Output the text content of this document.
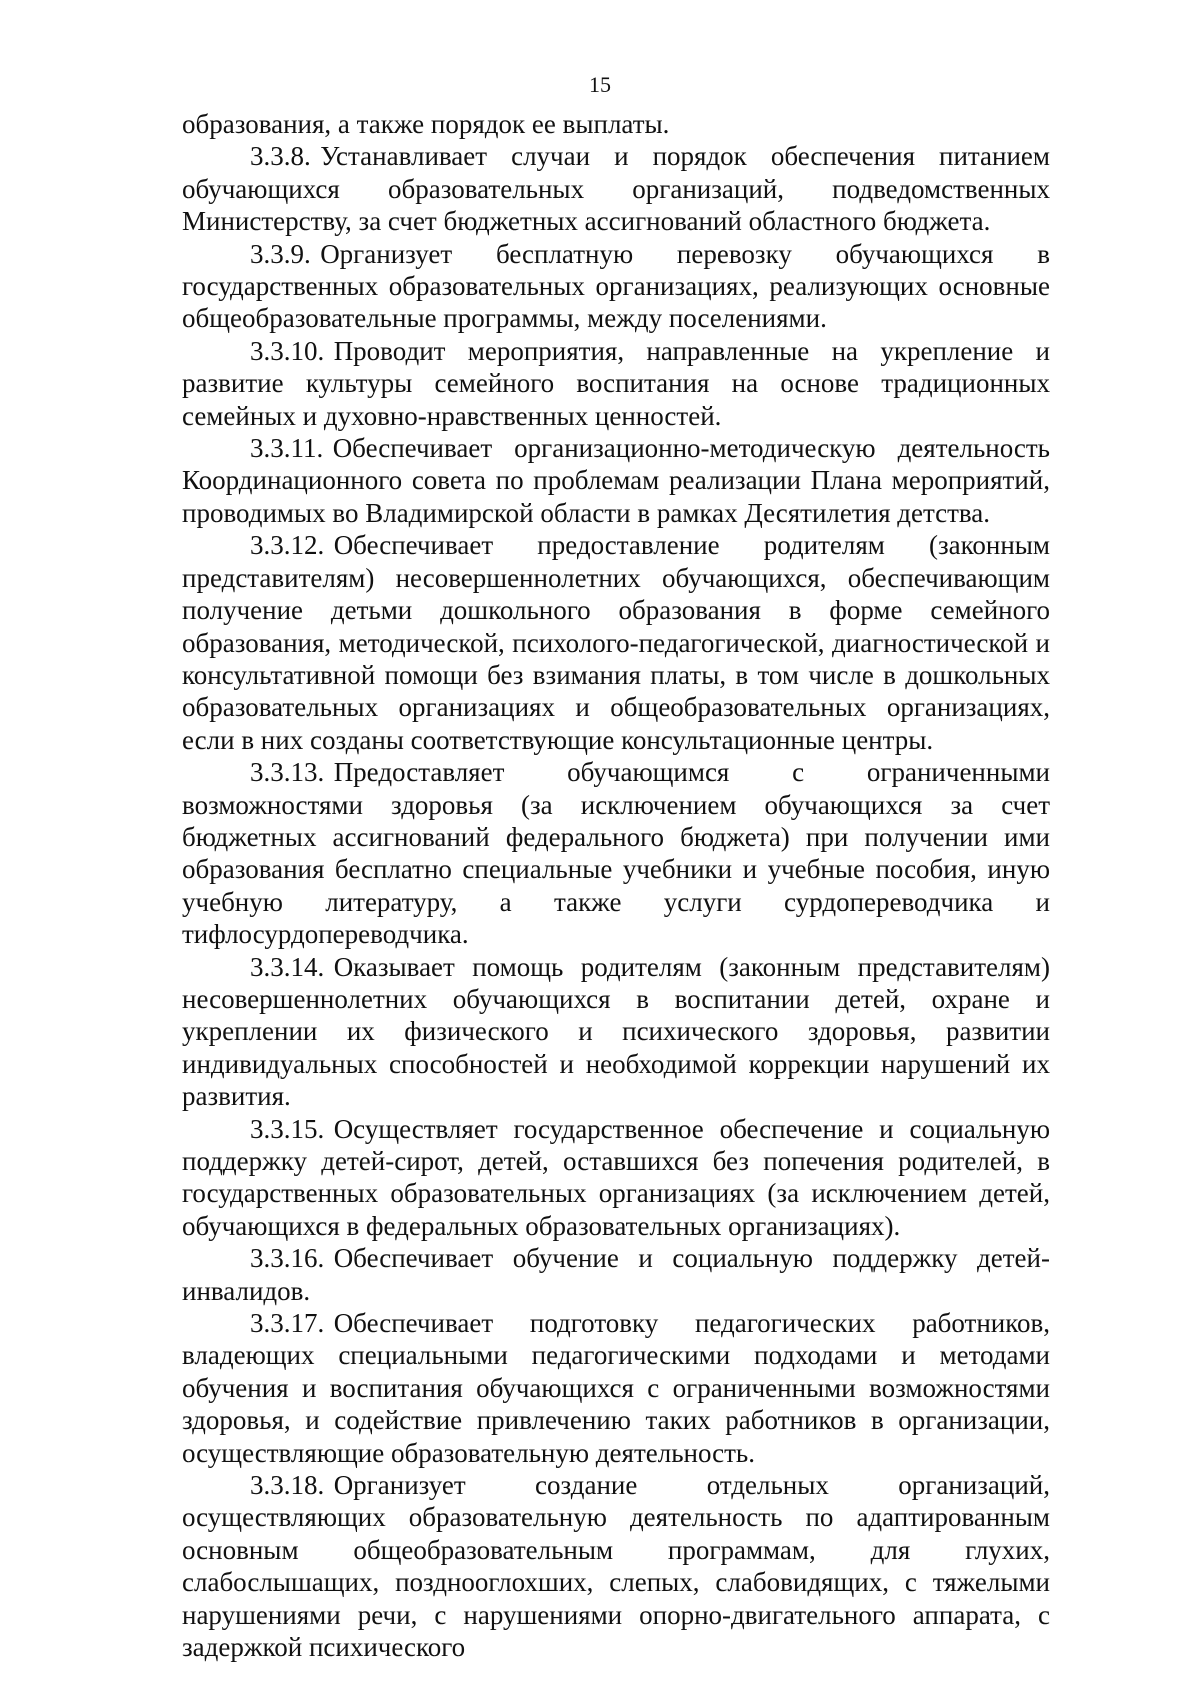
15

образования, а также порядок ее выплаты.

3.3.8. Устанавливает случаи и порядок обеспечения питанием обучающихся образовательных организаций, подведомственных Министерству, за счет бюджетных ассигнований областного бюджета.

3.3.9. Организует бесплатную перевозку обучающихся в государственных образовательных организациях, реализующих основные общеобразовательные программы, между поселениями.

3.3.10. Проводит мероприятия, направленные на укрепление и развитие культуры семейного воспитания на основе традиционных семейных и духовно-нравственных ценностей.

3.3.11. Обеспечивает организационно-методическую деятельность Координационного совета по проблемам реализации Плана мероприятий, проводимых во Владимирской области в рамках Десятилетия детства.

3.3.12. Обеспечивает предоставление родителям (законным представителям) несовершеннолетних обучающихся, обеспечивающим получение детьми дошкольного образования в форме семейного образования, методической, психолого-педагогической, диагностической и консультативной помощи без взимания платы, в том числе в дошкольных образовательных организациях и общеобразовательных организациях, если в них созданы соответствующие консультационные центры.

3.3.13. Предоставляет обучающимся с ограниченными возможностями здоровья (за исключением обучающихся за счет бюджетных ассигнований федерального бюджета) при получении ими образования бесплатно специальные учебники и учебные пособия, иную учебную литературу, а также услуги сурдопереводчика и тифлосурдопереводчика.

3.3.14. Оказывает помощь родителям (законным представителям) несовершеннолетних обучающихся в воспитании детей, охране и укреплении их физического и психического здоровья, развитии индивидуальных способностей и необходимой коррекции нарушений их развития.

3.3.15. Осуществляет государственное обеспечение и социальную поддержку детей-сирот, детей, оставшихся без попечения родителей, в государственных образовательных организациях (за исключением детей, обучающихся в федеральных образовательных организациях).

3.3.16. Обеспечивает обучение и социальную поддержку детей-инвалидов.

3.3.17. Обеспечивает подготовку педагогических работников, владеющих специальными педагогическими подходами и методами обучения и воспитания обучающихся с ограниченными возможностями здоровья, и содействие привлечению таких работников в организации, осуществляющие образовательную деятельность.

3.3.18. Организует создание отдельных организаций, осуществляющих образовательную деятельность по адаптированным основным общеобразовательным программам, для глухих, слабослышащих, позднооглохших, слепых, слабовидящих, с тяжелыми нарушениями речи, с нарушениями опорно-двигательного аппарата, с задержкой психического
